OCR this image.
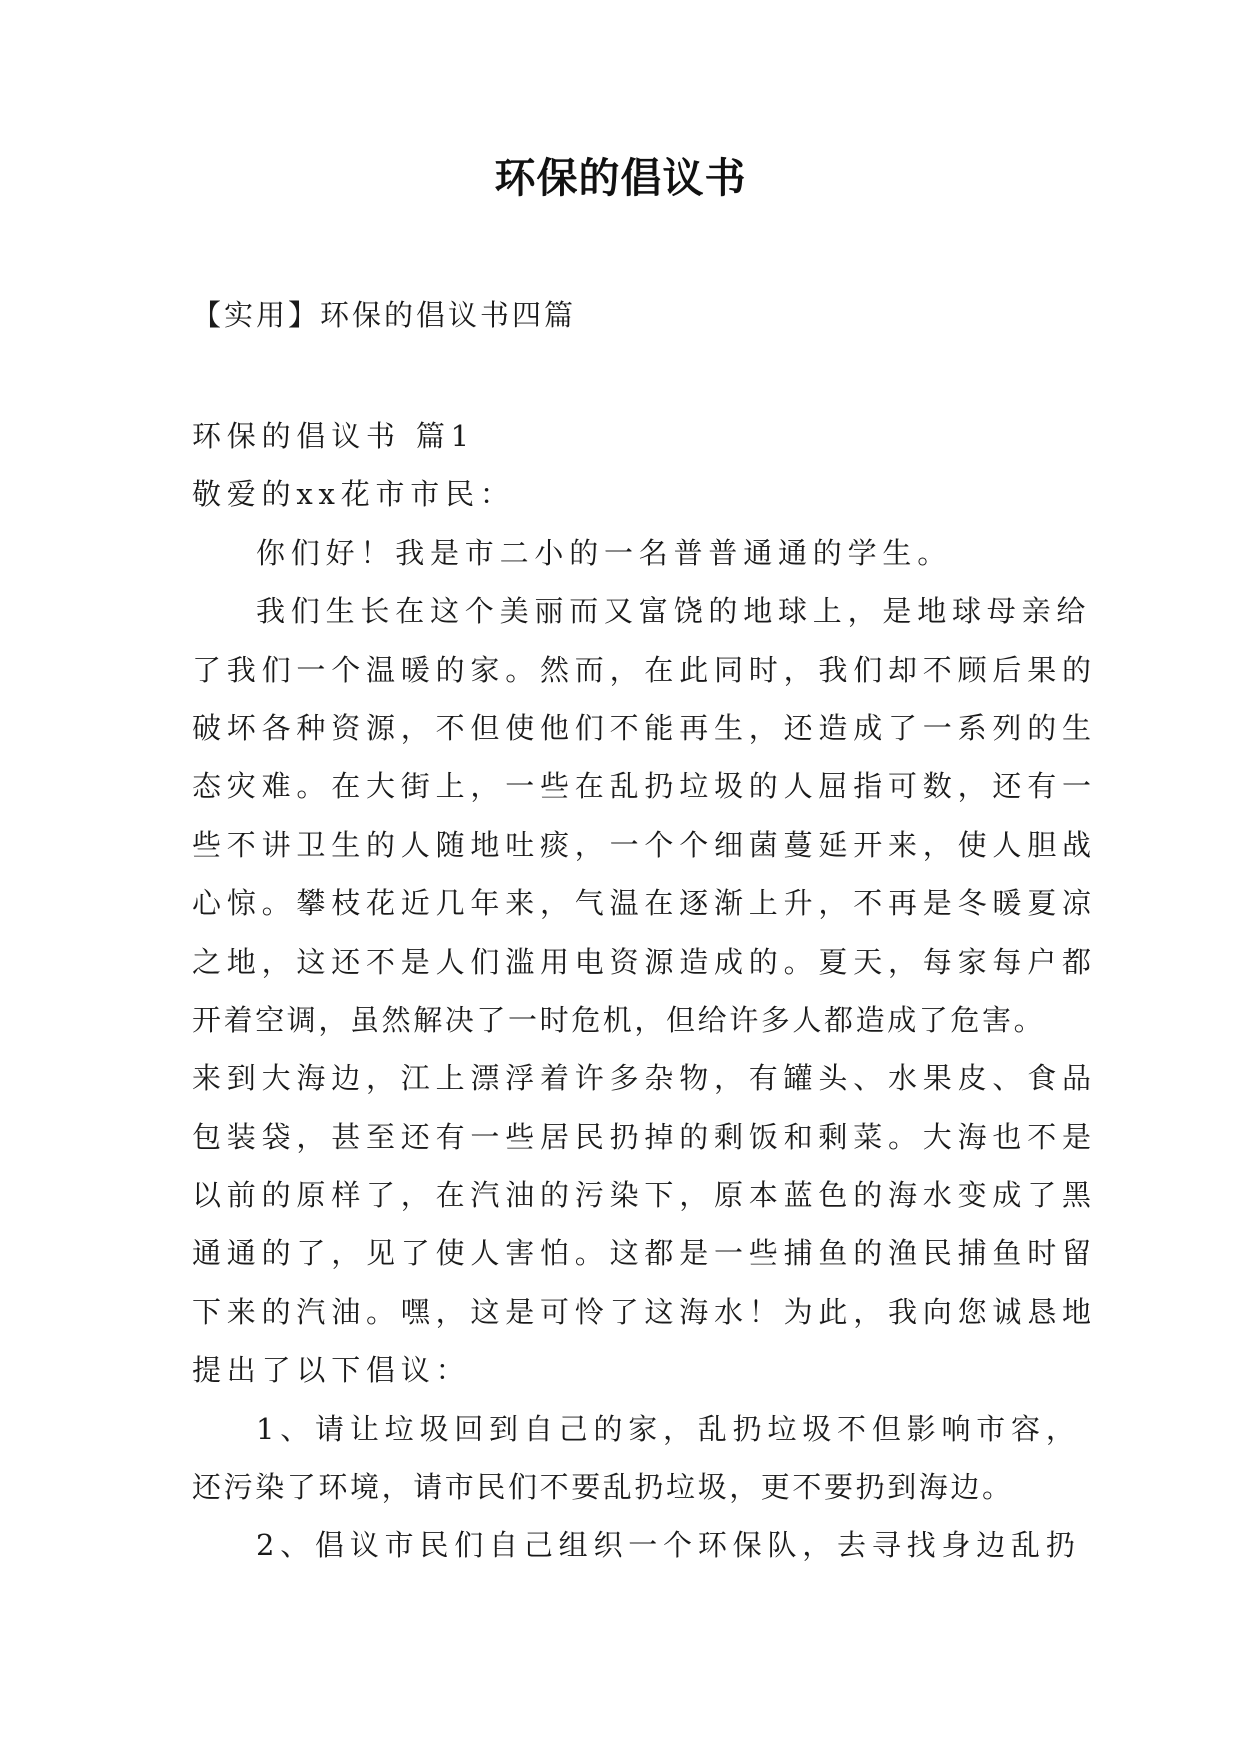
环保的倡议书

【实用】环保的倡议书四篇

环保的倡议书 篇1

敬爱的xx花市市民：

你们好！我是市二小的一名普普通通的学生。

我们生长在这个美丽而又富饶的地球上，是地球母亲给

了我们一个温暖的家。然而，在此同时，我们却不顾后果的

破坏各种资源，不但使他们不能再生，还造成了一系列的生

态灾难。在大街上，一些在乱扔垃圾的人屈指可数，还有一

些不讲卫生的人随地吐痰，一个个细菌蔓延开来，使人胆战

心惊。攀枝花近几年来，气温在逐渐上升，不再是冬暖夏凉

之地，这还不是人们滥用电资源造成的。夏天，每家每户都

开着空调，虽然解决了一时危机，但给许多人都造成了危害。

来到大海边，江上漂浮着许多杂物，有罐头、水果皮、食品

包装袋，甚至还有一些居民扔掉的剩饭和剩菜。大海也不是

以前的原样了，在汽油的污染下，原本蓝色的海水变成了黑

通通的了，见了使人害怕。这都是一些捕鱼的渔民捕鱼时留

下来的汽油。嘿，这是可怜了这海水！为此，我向您诚恳地

提出了以下倡议：

1、请让垃圾回到自己的家，乱扔垃圾不但影响市容，

还污染了环境，请市民们不要乱扔垃圾，更不要扔到海边。

2、倡议市民们自己组织一个环保队，去寻找身边乱扔
